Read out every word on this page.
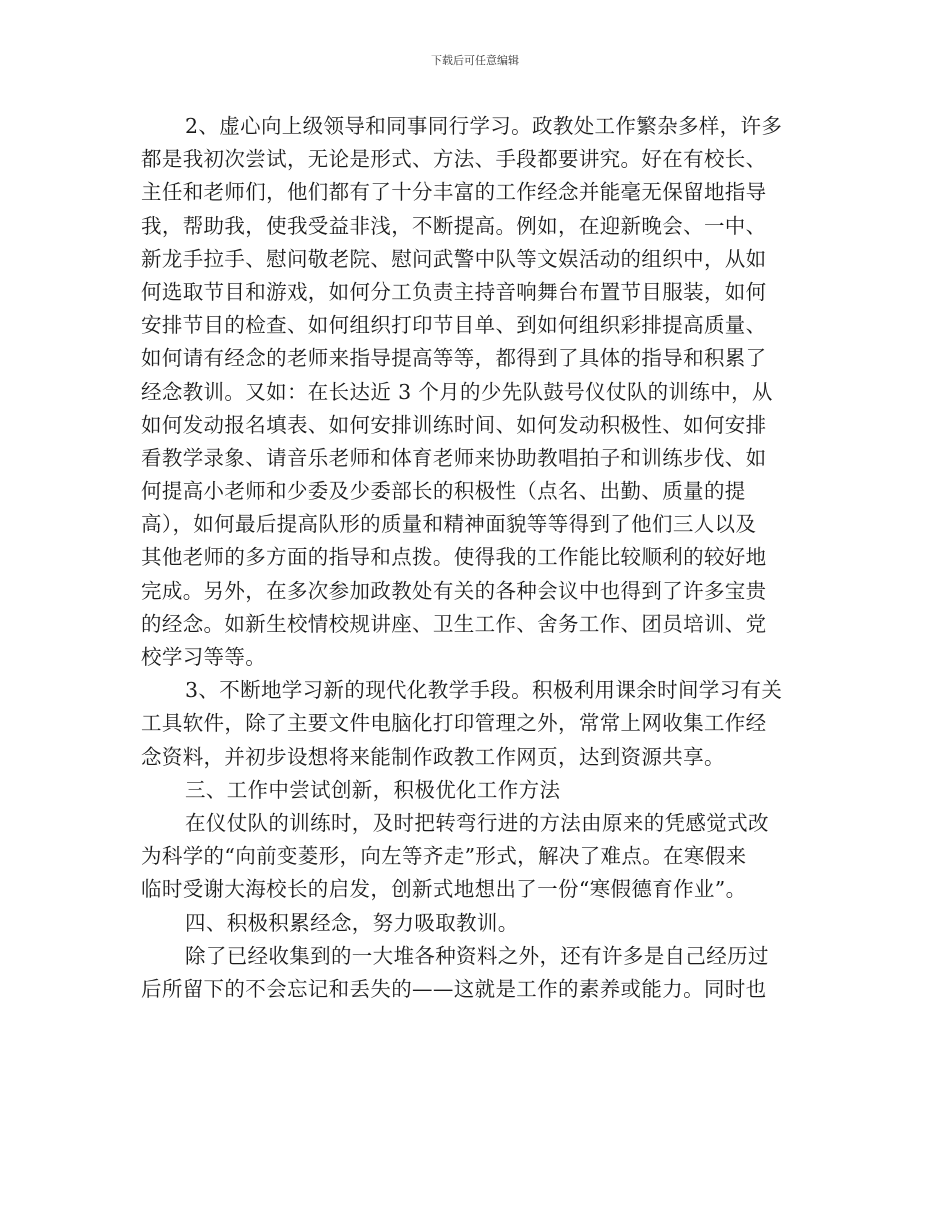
下载后可任意编辑
2、虚心向上级领导和同事同行学习。政教处工作繁杂多样，许多
都是我初次尝试，无论是形式、方法、手段都要讲究。好在有校长、
主任和老师们，他们都有了十分丰富的工作经念并能毫无保留地指导
我，帮助我，使我受益非浅，不断提高。例如，在迎新晚会、一中、
新龙手拉手、慰问敬老院、慰问武警中队等文娱活动的组织中，从如
何选取节目和游戏，如何分工负责主持音响舞台布置节目服装，如何
安排节目的检查、如何组织打印节目单、到如何组织彩排提高质量、
如何请有经念的老师来指导提高等等，都得到了具体的指导和积累了
经念教训。又如：在长达近 3 个月的少先队鼓号仪仗队的训练中，从
如何发动报名填表、如何安排训练时间、如何发动积极性、如何安排
看教学录象、请音乐老师和体育老师来协助教唱拍子和训练步伐、如
何提高小老师和少委及少委部长的积极性（点名、出勤、质量的提
高），如何最后提高队形的质量和精神面貌等等得到了他们三人以及
其他老师的多方面的指导和点拨。使得我的工作能比较顺利的较好地
完成。另外，在多次参加政教处有关的各种会议中也得到了许多宝贵
的经念。如新生校情校规讲座、卫生工作、舍务工作、团员培训、党
校学习等等。
3、不断地学习新的现代化教学手段。积极利用课余时间学习有关
工具软件，除了主要文件电脑化打印管理之外，常常上网收集工作经
念资料，并初步设想将来能制作政教工作网页，达到资源共享。
三、工作中尝试创新，积极优化工作方法
在仪仗队的训练时，及时把转弯行进的方法由原来的凭感觉式改
为科学的“向前变菱形，向左等齐走”形式，解决了难点。在寒假来
临时受谢大海校长的启发，创新式地想出了一份“寒假德育作业”。
四、积极积累经念，努力吸取教训。
除了已经收集到的一大堆各种资料之外，还有许多是自己经历过
后所留下的不会忘记和丢失的——这就是工作的素养或能力。同时也
